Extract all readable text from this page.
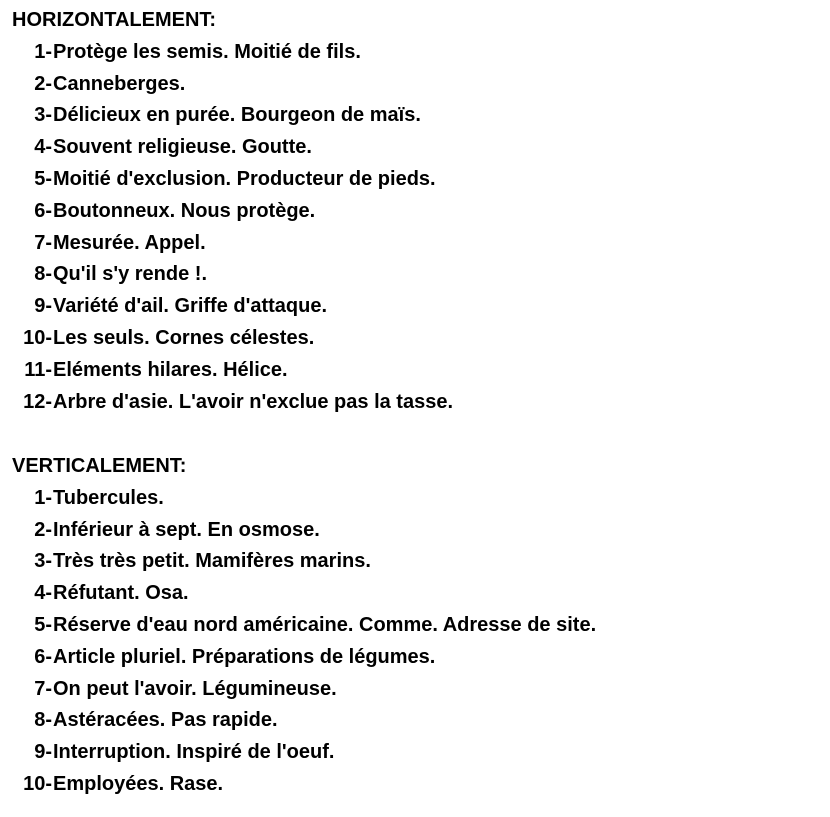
HORIZONTALEMENT:
1- Protège les semis. Moitié de fils.
2- Canneberges.
3- Délicieux en purée. Bourgeon de maïs.
4- Souvent religieuse. Goutte.
5- Moitié d'exclusion. Producteur de pieds.
6- Boutonneux. Nous protège.
7- Mesurée. Appel.
8- Qu'il s'y rende !.
9- Variété d'ail. Griffe d'attaque.
10- Les seuls. Cornes célestes.
11- Eléments hilares. Hélice.
12- Arbre d'asie. L'avoir n'exclue pas la tasse.
VERTICALEMENT:
1- Tubercules.
2- Inférieur à sept. En osmose.
3- Très très petit. Mamifères marins.
4- Réfutant. Osa.
5- Réserve d'eau nord américaine. Comme. Adresse de site.
6- Article pluriel. Préparations de légumes.
7- On peut l'avoir. Légumineuse.
8- Astéracées. Pas rapide.
9- Interruption. Inspiré de l'oeuf.
10- Employées. Rase.
